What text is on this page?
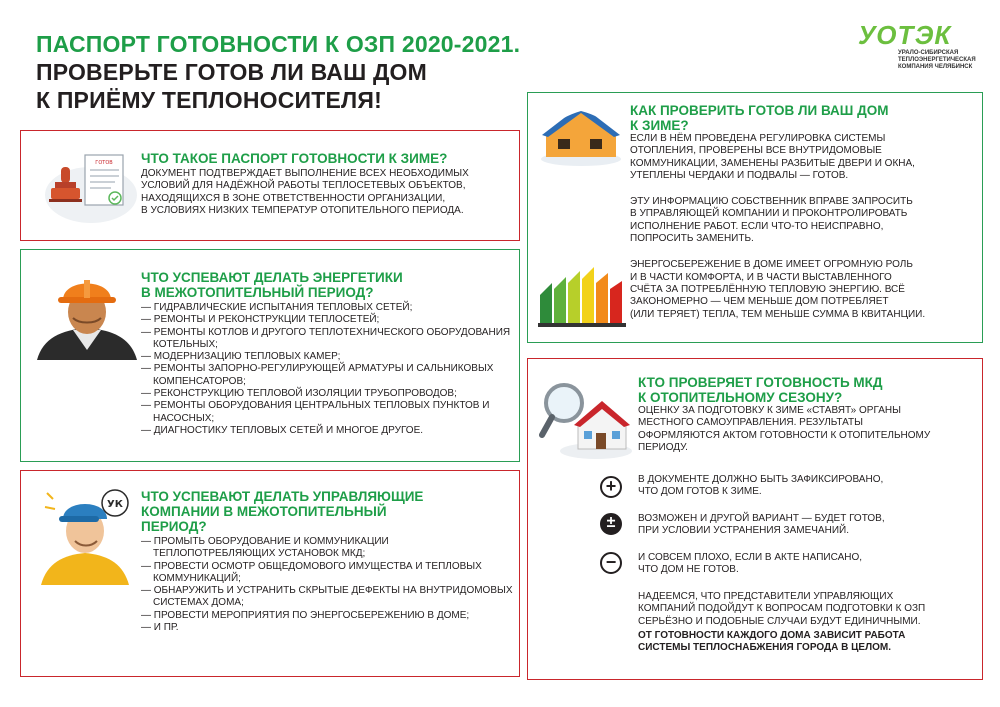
ПАСПОРТ ГОТОВНОСТИ К ОЗП 2020-2021.
ПРОВЕРЬТЕ ГОТОВ ЛИ ВАШ ДОМ
К ПРИЁМУ ТЕПЛОНОСИТЕЛЯ!
УОТЭК
УРАЛО-СИБИРСКАЯ
ТЕПЛОЭНЕРГЕТИЧЕСКАЯ
КОМПАНИЯ ЧЕЛЯБИНСК
ГОТОВ ЧТО ТАКОЕ ПАСПОРТ ГОТОВНОСТИ К ЗИМЕ?
ДОКУМЕНТ ПОДТВЕРЖДАЕТ ВЫПОЛНЕНИЕ ВСЕХ НЕОБХОДИМЫХ
УСЛОВИЙ ДЛЯ НАДЁЖНОЙ РАБОТЫ ТЕПЛОСЕТЕВЫХ ОБЪЕКТОВ,
НАХОДЯЩИХСЯ В ЗОНЕ ОТВЕТСТВЕННОСТИ ОРГАНИЗАЦИИ,
В УСЛОВИЯХ НИЗКИХ ТЕМПЕРАТУР ОТОПИТЕЛЬНОГО ПЕРИОДА.
ЧТО УСПЕВАЮТ ДЕЛАТЬ ЭНЕРГЕТИКИ
В МЕЖОТОПИТЕЛЬНЫЙ ПЕРИОД?
— ГИДРАВЛИЧЕСКИЕ ИСПЫТАНИЯ ТЕПЛОВЫХ СЕТЕЙ;
— РЕМОНТЫ И РЕКОНСТРУКЦИИ ТЕПЛОСЕТЕЙ;
— РЕМОНТЫ КОТЛОВ И ДРУГОГО ТЕПЛОТЕХНИЧЕСКОГО ОБОРУДОВАНИЯ КОТЕЛЬНЫХ;
— МОДЕРНИЗАЦИЮ ТЕПЛОВЫХ КАМЕР;
— РЕМОНТЫ ЗАПОРНО-РЕГУЛИРУЮЩЕЙ АРМАТУРЫ И САЛЬНИКОВЫХ КОМПЕНСАТОРОВ;
— РЕКОНСТРУКЦИЮ ТЕПЛОВОЙ ИЗОЛЯЦИИ ТРУБОПРОВОДОВ;
— РЕМОНТЫ ОБОРУДОВАНИЯ ЦЕНТРАЛЬНЫХ ТЕПЛОВЫХ ПУНКТОВ И НАСОСНЫХ;
— ДИАГНОСТИКУ ТЕПЛОВЫХ СЕТЕЙ И МНОГОЕ ДРУГОЕ.
УК
ЧТО УСПЕВАЮТ ДЕЛАТЬ УПРАВЛЯЮЩИЕ
КОМПАНИИ В МЕЖОТОПИТЕЛЬНЫЙ
ПЕРИОД?
— ПРОМЫТЬ ОБОРУДОВАНИЕ И КОММУНИКАЦИИ ТЕПЛОПОТРЕБЛЯЮЩИХ УСТАНОВОК МКД;
— ПРОВЕСТИ ОСМОТР ОБЩЕДОМОВОГО ИМУЩЕСТВА И ТЕПЛОВЫХ КОММУНИКАЦИЙ;
— ОБНАРУЖИТЬ И УСТРАНИТЬ СКРЫТЫЕ ДЕФЕКТЫ НА ВНУТРИДОМОВЫХ СИСТЕМАХ ДОМА;
— ПРОВЕСТИ МЕРОПРИЯТИЯ ПО ЭНЕРГОСБЕРЕЖЕНИЮ В ДОМЕ;
— И ПР.
КАК ПРОВЕРИТЬ ГОТОВ ЛИ ВАШ ДОМ
К ЗИМЕ?
ЕСЛИ В НЁМ ПРОВЕДЕНА РЕГУЛИРОВКА СИСТЕМЫ
ОТОПЛЕНИЯ, ПРОВЕРЕНЫ ВСЕ ВНУТРИДОМОВЫЕ
КОММУНИКАЦИИ, ЗАМЕНЕНЫ РАЗБИТЫЕ ДВЕРИ И ОКНА,
УТЕПЛЕНЫ ЧЕРДАКИ И ПОДВАЛЫ — ГОТОВ.
ЭТУ ИНФОРМАЦИЮ СОБСТВЕННИК ВПРАВЕ ЗАПРОСИТЬ
В УПРАВЛЯЮЩЕЙ КОМПАНИИ И ПРОКОНТРОЛИРОВАТЬ
ИСПОЛНЕНИЕ РАБОТ. ЕСЛИ ЧТО-ТО НЕИСПРАВНО,
ПОПРОСИТЬ ЗАМЕНИТЬ.
ЭНЕРГОСБЕРЕЖЕНИЕ В ДОМЕ ИМЕЕТ ОГРОМНУЮ РОЛЬ
И В ЧАСТИ КОМФОРТА, И В ЧАСТИ ВЫСТАВЛЕННОГО
СЧЁТА ЗА ПОТРЕБЛЁННУЮ ТЕПЛОВУЮ ЭНЕРГИЮ. ВСЁ
ЗАКОНОМЕРНО — ЧЕМ МЕНЬШЕ ДОМ ПОТРЕБЛЯЕТ
(ИЛИ ТЕРЯЕТ) ТЕПЛА, ТЕМ МЕНЬШЕ СУММА В КВИТАНЦИИ.
КТО ПРОВЕРЯЕТ ГОТОВНОСТЬ МКД
К ОТОПИТЕЛЬНОМУ СЕЗОНУ?
ОЦЕНКУ ЗА ПОДГОТОВКУ К ЗИМЕ «СТАВЯТ» ОРГАНЫ
МЕСТНОГО САМОУПРАВЛЕНИЯ. РЕЗУЛЬТАТЫ
ОФОРМЛЯЮТСЯ АКТОМ ГОТОВНОСТИ К ОТОПИТЕЛЬНОМУ
ПЕРИОДУ.
+	В ДОКУМЕНТЕ ДОЛЖНО БЫТЬ ЗАФИКСИРОВАНО,
ЧТО ДОМ ГОТОВ К ЗИМЕ.
±	ВОЗМОЖЕН И ДРУГОЙ ВАРИАНТ — БУДЕТ ГОТОВ,
ПРИ УСЛОВИИ УСТРАНЕНИЯ ЗАМЕЧАНИЙ.
−	И СОВСЕМ ПЛОХО, ЕСЛИ В АКТЕ НАПИСАНО,
ЧТО ДОМ НЕ ГОТОВ.
НАДЕЕМСЯ, ЧТО ПРЕДСТАВИТЕЛИ УПРАВЛЯЮЩИХ
КОМПАНИЙ ПОДОЙДУТ К ВОПРОСАМ ПОДГОТОВКИ К ОЗП
СЕРЬЁЗНО И ПОДОБНЫЕ СЛУЧАИ БУДУТ ЕДИНИЧНЫМИ.
ОТ ГОТОВНОСТИ КАЖДОГО ДОМА ЗАВИСИТ РАБОТА
СИСТЕМЫ ТЕПЛОСНАБЖЕНИЯ ГОРОДА В ЦЕЛОМ.
